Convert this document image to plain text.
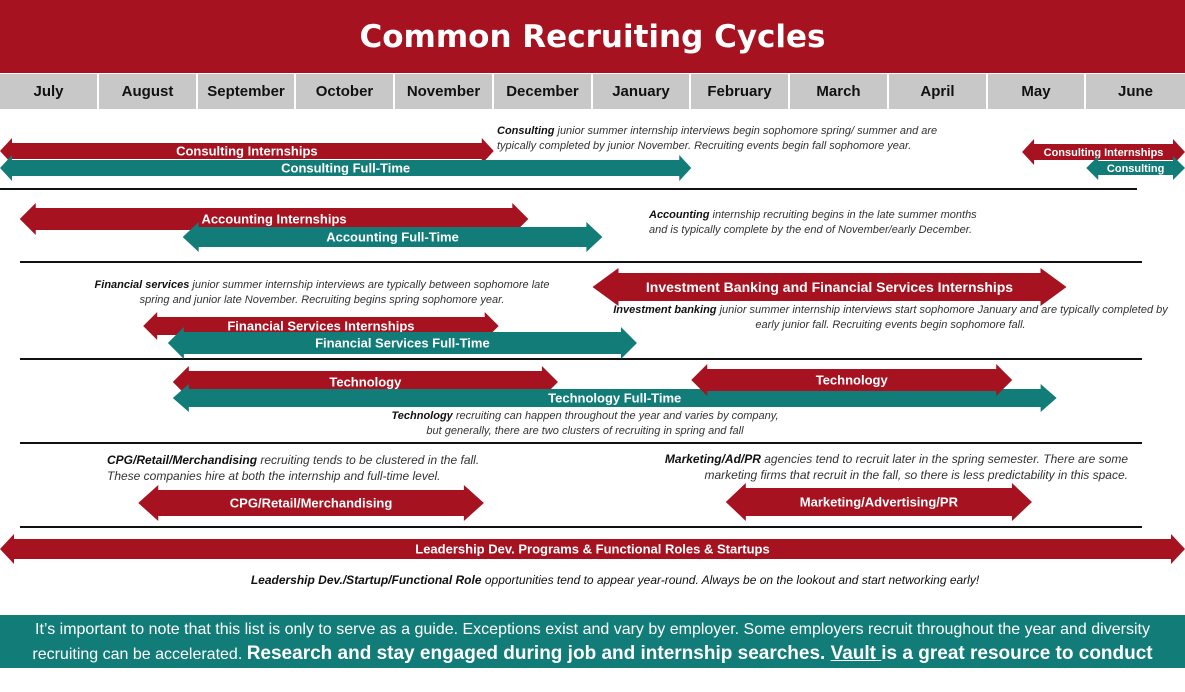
Common Recruiting Cycles
July	August	September	October	November	December	January	February	March	April	May	June
Consulting Internships
Consulting Full-Time
Consulting Internships
Consulting
Accounting Internships
Accounting Full-Time
Investment Banking and Financial Services Internships
Financial Services Internships
Financial Services Full-Time
Technology
Technology Full-Time
Technology
CPG/Retail/Merchandising	Marketing/Advertising/PR
Leadership Dev. Programs & Functional Roles & Startups
Consulting junior summer internship interviews begin sophomore spring/ summer and are
typically completed by junior November. Recruiting events begin fall sophomore year.
Accounting internship recruiting begins in the late summer months
and is typically complete by the end of November/early December.
Financial services junior summer internship interviews are typically between sophomore late
spring and junior late November. Recruiting begins spring sophomore year.
Investment banking junior summer internship interviews start sophomore January and are typically completed by
early junior fall. Recruiting events begin sophomore fall.
Technology recruiting can happen throughout the year and varies by company,
but generally, there are two clusters of recruiting in spring and fall
CPG/Retail/Merchandising recruiting tends to be clustered in the fall.
These companies hire at both the internship and full-time level.
Marketing/Ad/PR agencies tend to recruit later in the spring semester. There are some
marketing firms that recruit in the fall, so there is less predictability in this space.
Leadership Dev./Startup/Functional Role opportunities tend to appear year-round. Always be on the lookout and start networking early!
It’s important to note that this list is only to serve as a guide. Exceptions exist and vary by employer. Some employers recruit throughout the year and diversity
recruiting can be accelerated. Research and stay engaged during job and internship searches. Vault is a great resource to conduct research.
